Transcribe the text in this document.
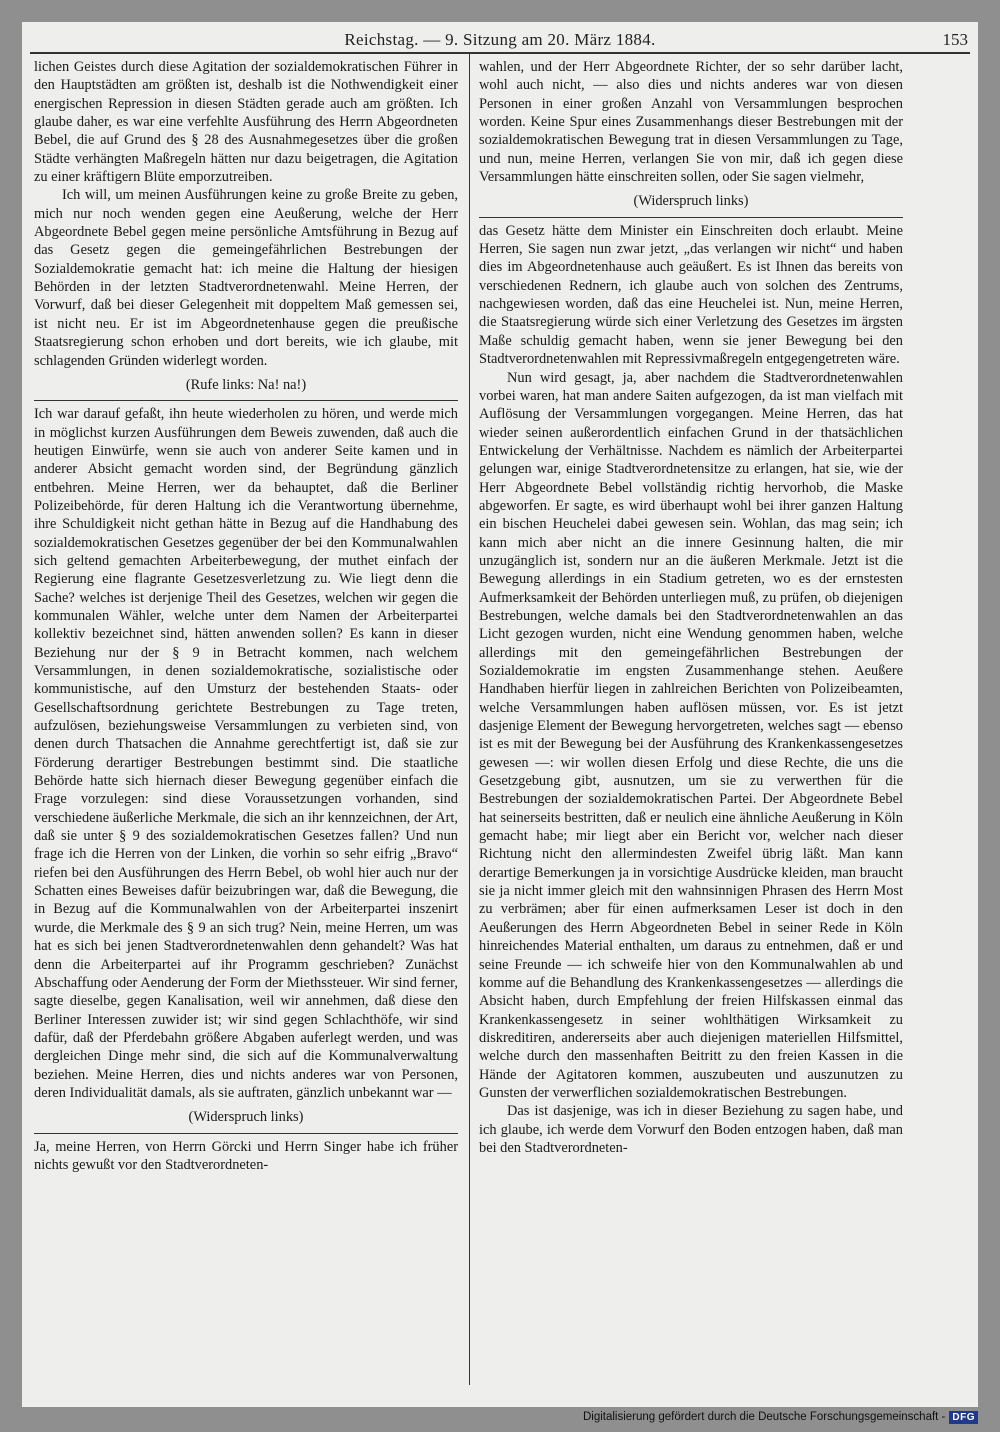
Reichstag. — 9. Sitzung am 20. März 1884.	153

lichen Geistes durch diese Agitation der sozialdemokratischen Führer in den Hauptstädten am größten ist, deshalb ist die Nothwendigkeit einer energischen Repression in diesen Städten gerade auch am größten. Ich glaube daher, es war eine verfehlte Ausführung des Herrn Abgeordneten Bebel, die auf Grund des § 28 des Ausnahmegesetzes über die großen Städte verhängten Maßregeln hätten nur dazu beigetragen, die Agitation zu einer kräftigern Blüte emporzutreiben.

Ich will, um meinen Ausführungen keine zu große Breite zu geben, mich nur noch wenden gegen eine Aeußerung, welche der Herr Abgeordnete Bebel gegen meine persönliche Amtsführung in Bezug auf das Gesetz gegen die gemeingefährlichen Bestrebungen der Sozialdemokratie gemacht hat: ich meine die Haltung der hiesigen Behörden in der letzten Stadtverordnetenwahl. Meine Herren, der Vorwurf, daß bei dieser Gelegenheit mit doppeltem Maß gemessen sei, ist nicht neu. Er ist im Abgeordnetenhause gegen die preußische Staatsregierung schon erhoben und dort bereits, wie ich glaube, mit schlagenden Gründen widerlegt worden.

(Rufe links: Na! na!)

Ich war darauf gefaßt, ihn heute wiederholen zu hören, und werde mich in möglichst kurzen Ausführungen dem Beweis zuwenden, daß auch die heutigen Einwürfe, wenn sie auch von anderer Seite kamen und in anderer Absicht gemacht worden sind, der Begründung gänzlich entbehren. Meine Herren, wer da behauptet, daß die Berliner Polizeibehörde, für deren Haltung ich die Verantwortung übernehme, ihre Schuldigkeit nicht gethan hätte in Bezug auf die Handhabung des sozialdemokratischen Gesetzes gegenüber der bei den Kommunalwahlen sich geltend gemachten Arbeiterbewegung, der muthet einfach der Regierung eine flagrante Gesetzesverletzung zu. Wie liegt denn die Sache? welches ist derjenige Theil des Gesetzes, welchen wir gegen die kommunalen Wähler, welche unter dem Namen der Arbeiterpartei kollektiv bezeichnet sind, hätten anwenden sollen? Es kann in dieser Beziehung nur der § 9 in Betracht kommen, nach welchem Versammlungen, in denen sozialdemokratische, sozialistische oder kommunistische, auf den Umsturz der bestehenden Staats- oder Gesellschaftsordnung gerichtete Bestrebungen zu Tage treten, aufzulösen, beziehungsweise Versammlungen zu verbieten sind, von denen durch Thatsachen die Annahme gerechtfertigt ist, daß sie zur Förderung derartiger Bestrebungen bestimmt sind. Die staatliche Behörde hatte sich hiernach dieser Bewegung gegenüber einfach die Frage vorzulegen: sind diese Voraussetzungen vorhanden, sind verschiedene äußerliche Merkmale, die sich an ihr kennzeichnen, der Art, daß sie unter § 9 des sozialdemokratischen Gesetzes fallen? Und nun frage ich die Herren von der Linken, die vorhin so sehr eifrig „Bravo“ riefen bei den Ausführungen des Herrn Bebel, ob wohl hier auch nur der Schatten eines Beweises dafür beizubringen war, daß die Bewegung, die in Bezug auf die Kommunalwahlen von der Arbeiterpartei inszenirt wurde, die Merkmale des § 9 an sich trug? Nein, meine Herren, um was hat es sich bei jenen Stadtverordnetenwahlen denn gehandelt? Was hat denn die Arbeiterpartei auf ihr Programm geschrieben? Zunächst Abschaffung oder Aenderung der Form der Miethssteuer. Wir sind ferner, sagte dieselbe, gegen Kanalisation, weil wir annehmen, daß diese den Berliner Interessen zuwider ist; wir sind gegen Schlachthöfe, wir sind dafür, daß der Pferdebahn größere Abgaben auferlegt werden, und was dergleichen Dinge mehr sind, die sich auf die Kommunalverwaltung beziehen. Meine Herren, dies und nichts anderes war von Personen, deren Individualität damals, als sie auftraten, gänzlich unbekannt war —

(Widerspruch links)

Ja, meine Herren, von Herrn Görcki und Herrn Singer habe ich früher nichts gewußt vor den Stadtverordneten-

wahlen, und der Herr Abgeordnete Richter, der so sehr darüber lacht, wohl auch nicht, — also dies und nichts anderes war von diesen Personen in einer großen Anzahl von Versammlungen besprochen worden. Keine Spur eines Zusammenhangs dieser Bestrebungen mit der sozialdemokratischen Bewegung trat in diesen Versammlungen zu Tage, und nun, meine Herren, verlangen Sie von mir, daß ich gegen diese Versammlungen hätte einschreiten sollen, oder Sie sagen vielmehr,

(Widerspruch links)

das Gesetz hätte dem Minister ein Einschreiten doch erlaubt. Meine Herren, Sie sagen nun zwar jetzt, „das verlangen wir nicht“ und haben dies im Abgeordnetenhause auch geäußert. Es ist Ihnen das bereits von verschiedenen Rednern, ich glaube auch von solchen des Zentrums, nachgewiesen worden, daß das eine Heuchelei ist. Nun, meine Herren, die Staatsregierung würde sich einer Verletzung des Gesetzes im ärgsten Maße schuldig gemacht haben, wenn sie jener Bewegung bei den Stadtverordnetenwahlen mit Repressivmaßregeln entgegengetreten wäre.

Nun wird gesagt, ja, aber nachdem die Stadtverordnetenwahlen vorbei waren, hat man andere Saiten aufgezogen, da ist man vielfach mit Auflösung der Versammlungen vorgegangen. Meine Herren, das hat wieder seinen außerordentlich einfachen Grund in der thatsächlichen Entwickelung der Verhältnisse. Nachdem es nämlich der Arbeiterpartei gelungen war, einige Stadtverordnetensitze zu erlangen, hat sie, wie der Herr Abgeordnete Bebel vollständig richtig hervorhob, die Maske abgeworfen. Er sagte, es wird überhaupt wohl bei ihrer ganzen Haltung ein bischen Heuchelei dabei gewesen sein. Wohlan, das mag sein; ich kann mich aber nicht an die innere Gesinnung halten, die mir unzugänglich ist, sondern nur an die äußeren Merkmale. Jetzt ist die Bewegung allerdings in ein Stadium getreten, wo es der ernstesten Aufmerksamkeit der Behörden unterliegen muß, zu prüfen, ob diejenigen Bestrebungen, welche damals bei den Stadtverordnetenwahlen an das Licht gezogen wurden, nicht eine Wendung genommen haben, welche allerdings mit den gemeingefährlichen Bestrebungen der Sozialdemokratie im engsten Zusammenhange stehen. Aeußere Handhaben hierfür liegen in zahlreichen Berichten von Polizeibeamten, welche Versammlungen haben auflösen müssen, vor. Es ist jetzt dasjenige Element der Bewegung hervorgetreten, welches sagt — ebenso ist es mit der Bewegung bei der Ausführung des Krankenkassengesetzes gewesen —: wir wollen diesen Erfolg und diese Rechte, die uns die Gesetzgebung gibt, ausnutzen, um sie zu verwerthen für die Bestrebungen der sozialdemokratischen Partei. Der Abgeordnete Bebel hat seinerseits bestritten, daß er neulich eine ähnliche Aeußerung in Köln gemacht habe; mir liegt aber ein Bericht vor, welcher nach dieser Richtung nicht den allermindesten Zweifel übrig läßt. Man kann derartige Bemerkungen ja in vorsichtige Ausdrücke kleiden, man braucht sie ja nicht immer gleich mit den wahnsinnigen Phrasen des Herrn Most zu verbrämen; aber für einen aufmerksamen Leser ist doch in den Aeußerungen des Herrn Abgeordneten Bebel in seiner Rede in Köln hinreichendes Material enthalten, um daraus zu entnehmen, daß er und seine Freunde — ich schweife hier von den Kommunalwahlen ab und komme auf die Behandlung des Krankenkassengesetzes — allerdings die Absicht haben, durch Empfehlung der freien Hilfskassen einmal das Krankenkassengesetz in seiner wohlthätigen Wirksamkeit zu diskreditiren, andererseits aber auch diejenigen materiellen Hilfsmittel, welche durch den massenhaften Beitritt zu den freien Kassen in die Hände der Agitatoren kommen, auszubeuten und auszunutzen zu Gunsten der verwerflichen sozialdemokratischen Bestrebungen.

Das ist dasjenige, was ich in dieser Beziehung zu sagen habe, und ich glaube, ich werde dem Vorwurf den Boden entzogen haben, daß man bei den Stadtverordneten-

Digitalisierung gefördert durch die Deutsche Forschungsgemeinschaft - DFG
